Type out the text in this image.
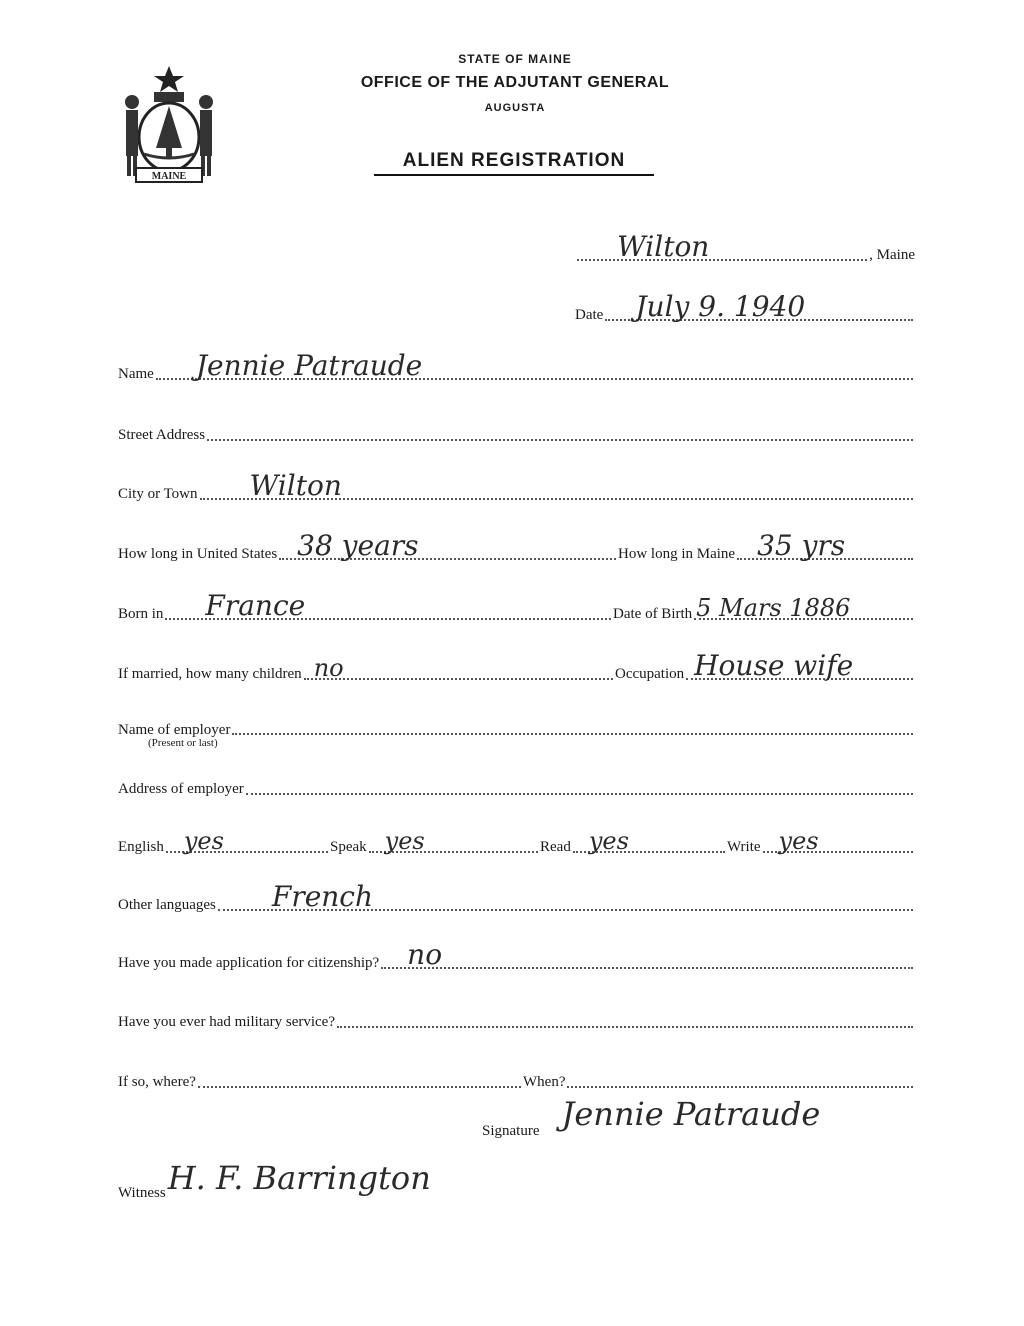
MAINE
STATE OF MAINE
OFFICE OF THE ADJUTANT GENERAL
AUGUSTA
ALIEN REGISTRATION
Wilton	, Maine
Date July 9. 1940
Name Jennie Patraude
Street Address
City or Town Wilton
How long in United States 38 years	How long in Maine 35 yrs
Born in France	Date of Birth 5 Mars 1886
If married, how many children no	Occupation House wife
Name of employer
(Present or last)
Address of employer
English yes	Speak yes	Read yes	Write yes
Other languages French
Have you made application for citizenship? no
Have you ever had military service?
If so, where?	When?
Signature Jennie Patraude
Witness H. F. Barrington
